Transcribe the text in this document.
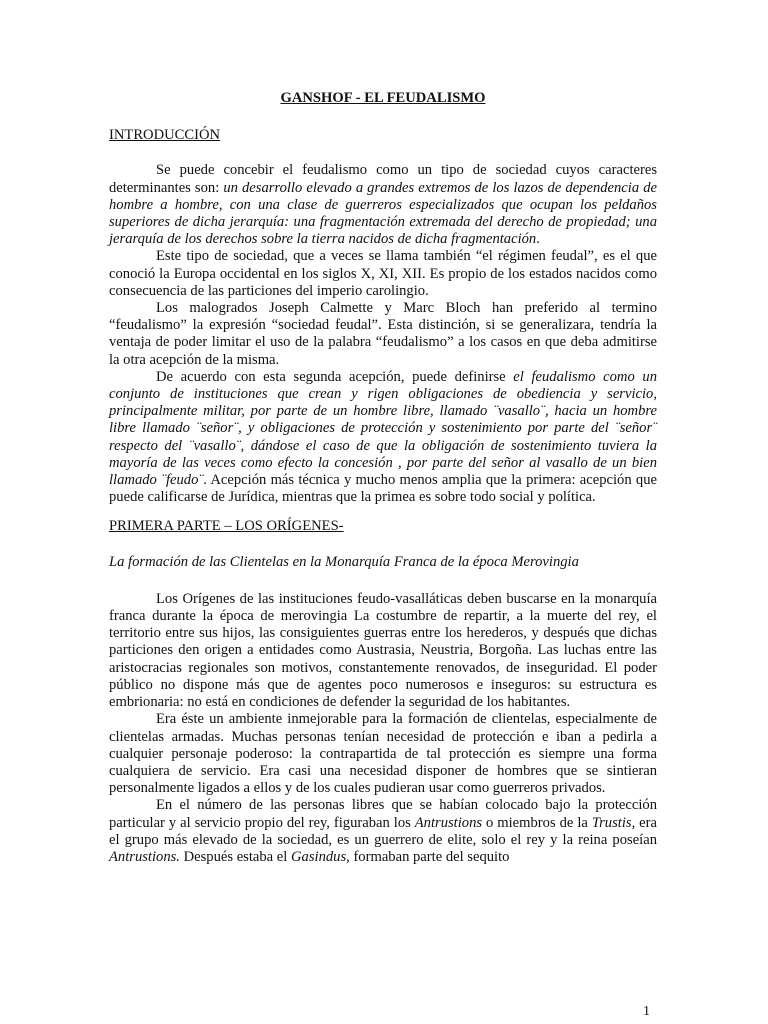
GANSHOF - EL FEUDALISMO
INTRODUCCIÓN

Se puede concebir el feudalismo como un tipo de sociedad cuyos caracteres determinantes son: un desarrollo elevado a grandes extremos de los lazos de dependencia de hombre a hombre, con una clase de guerreros especializados que ocupan los peldaños superiores de dicha jerarquía: una fragmentación extremada del derecho de propiedad; una jerarquía de los derechos sobre la tierra nacidos de dicha fragmentación.

Este tipo de sociedad, que a veces se llama también “el régimen feudal”, es el que conoció la Europa occidental en los siglos X, XI, XII. Es propio de los estados nacidos como consecuencia de las particiones del imperio carolingio.

Los malogrados Joseph Calmette y Marc Bloch han preferido al termino “feudalismo” la expresión “sociedad feudal”. Esta distinción, si se generalizara, tendría la ventaja de poder limitar el uso de la palabra “feudalismo” a los casos en que deba admitirse la otra acepción de la misma.

De acuerdo con esta segunda acepción, puede definirse el feudalismo como un conjunto de instituciones que crean y rigen obligaciones de obediencia y servicio, principalmente militar, por parte de un hombre libre, llamado ¨vasallo¨, hacia un hombre libre llamado ¨señor¨, y obligaciones de protección y sostenimiento por parte del ¨señor¨ respecto del ¨vasallo¨, dándose el caso de que la obligación de sostenimiento tuviera la mayoría de las veces como efecto la concesión , por parte del señor al vasallo de un bien llamado ¨feudo¨. Acepción más técnica y mucho menos amplia que la primera: acepción que puede calificarse de Jurídica, mientras que la primea es sobre todo social y política.

PRIMERA PARTE – LOS ORÍGENES-
La formación de las Clientelas en la Monarquía Franca de la época Merovingia

Los Orígenes de las instituciones feudo-vasalláticas deben buscarse en la monarquía franca durante la época de merovingia La costumbre de repartir, a la muerte del rey, el territorio entre sus hijos, las consiguientes guerras entre los herederos, y después que dichas particiones den origen a entidades como Austrasia, Neustria, Borgoña. Las luchas entre las aristocracias regionales son motivos, constantemente renovados, de inseguridad. El poder público no dispone más que de agentes poco numerosos e inseguros: su estructura es embrionaria: no está en condiciones de defender la seguridad de los habitantes.

Era éste un ambiente inmejorable para la formación de clientelas, especialmente de clientelas armadas. Muchas personas tenían necesidad de protección e iban a pedirla a cualquier personaje poderoso: la contrapartida de tal protección es siempre una forma cualquiera de servicio. Era casi una necesidad disponer de hombres que se sintieran personalmente ligados a ellos y de los cuales pudieran usar como guerreros privados.

En el número de las personas libres que se habían colocado bajo la protección particular y al servicio propio del rey, figuraban los Antrustions o miembros de la Trustis, era el grupo más elevado de la sociedad, es un guerrero de elite, solo el rey y la reina poseían Antrustions. Después estaba el Gasindus, formaban parte del sequito

1
